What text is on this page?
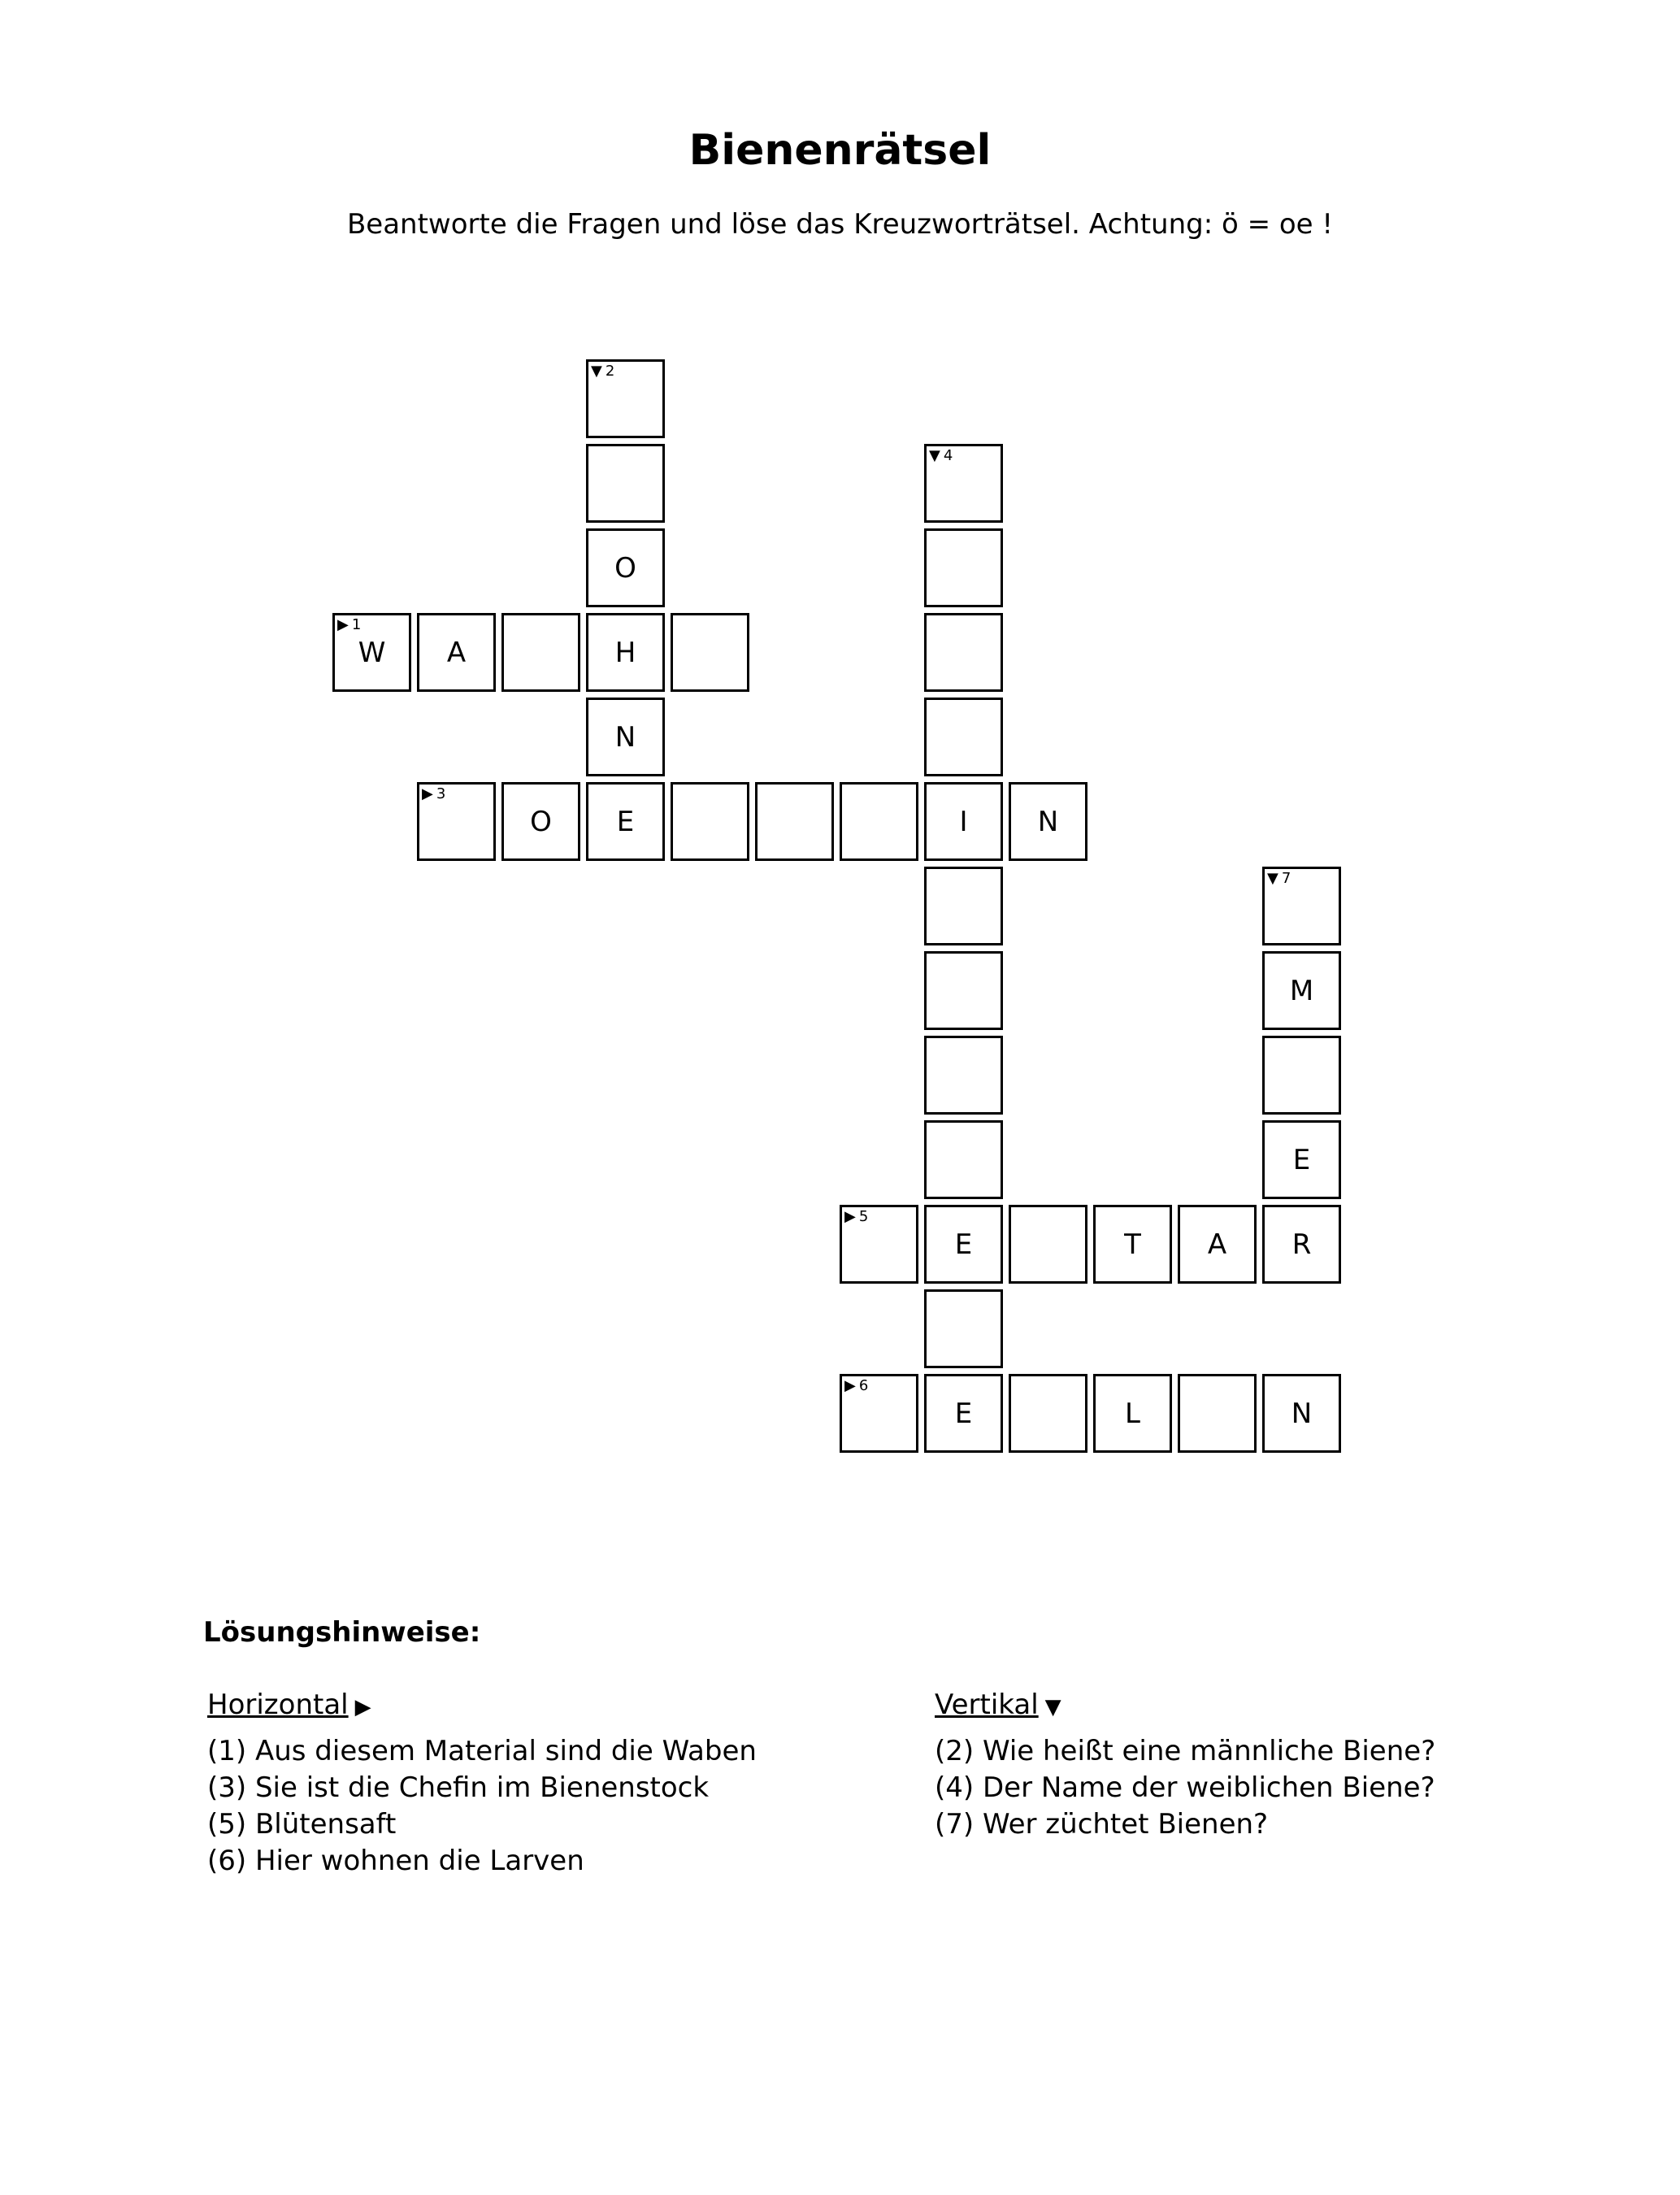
Bienenrätsel
Beantworte die Fragen und löse das Kreuzworträtsel. Achtung: ö = oe !
▼ 2
O
▶ 1
W	A	H
N
▼ 4
▶ 3
O	E	I	N
▼ 7
M
E
▶ 5
E	T	A	R
▶ 6
E	L	N
Lösungshinweise:
Horizontal ▶
(1) Aus diesem Material sind die Waben
(3) Sie ist die Chefin im Bienenstock
(5) Blütensaft
(6) Hier wohnen die Larven
Vertikal ▼
(2) Wie heißt eine männliche Biene?
(4) Der Name der weiblichen Biene?
(7) Wer züchtet Bienen?
